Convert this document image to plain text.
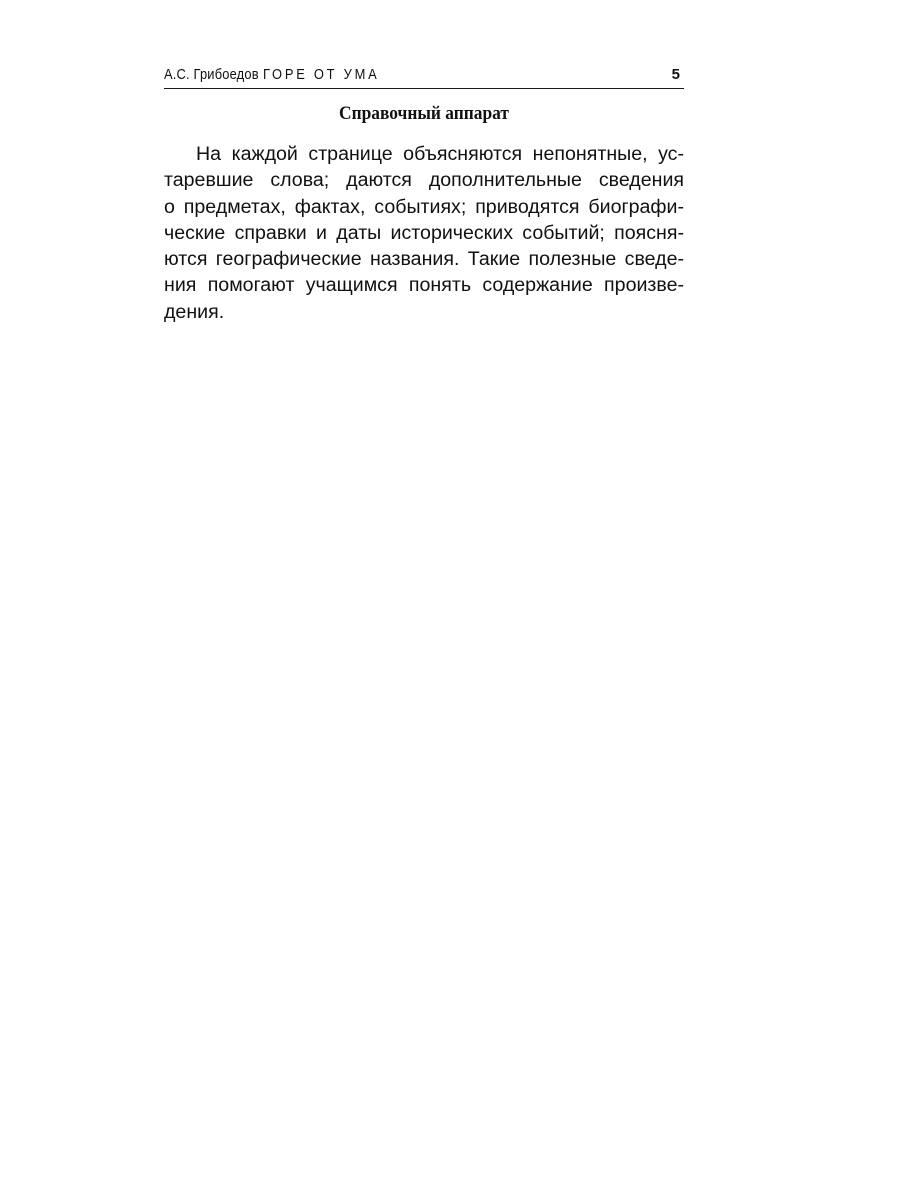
А.С. Грибоедов ГОРЕ ОТ УМА	5
Справочный аппарат
На каждой странице объясняются непонятные, ус-
таревшие слова; даются дополнительные сведения
о предметах, фактах, событиях; приводятся биографи-
ческие справки и даты исторических событий; поясня-
ются географические названия. Такие полезные сведе-
ния помогают учащимся понять содержание произве-
дения.
